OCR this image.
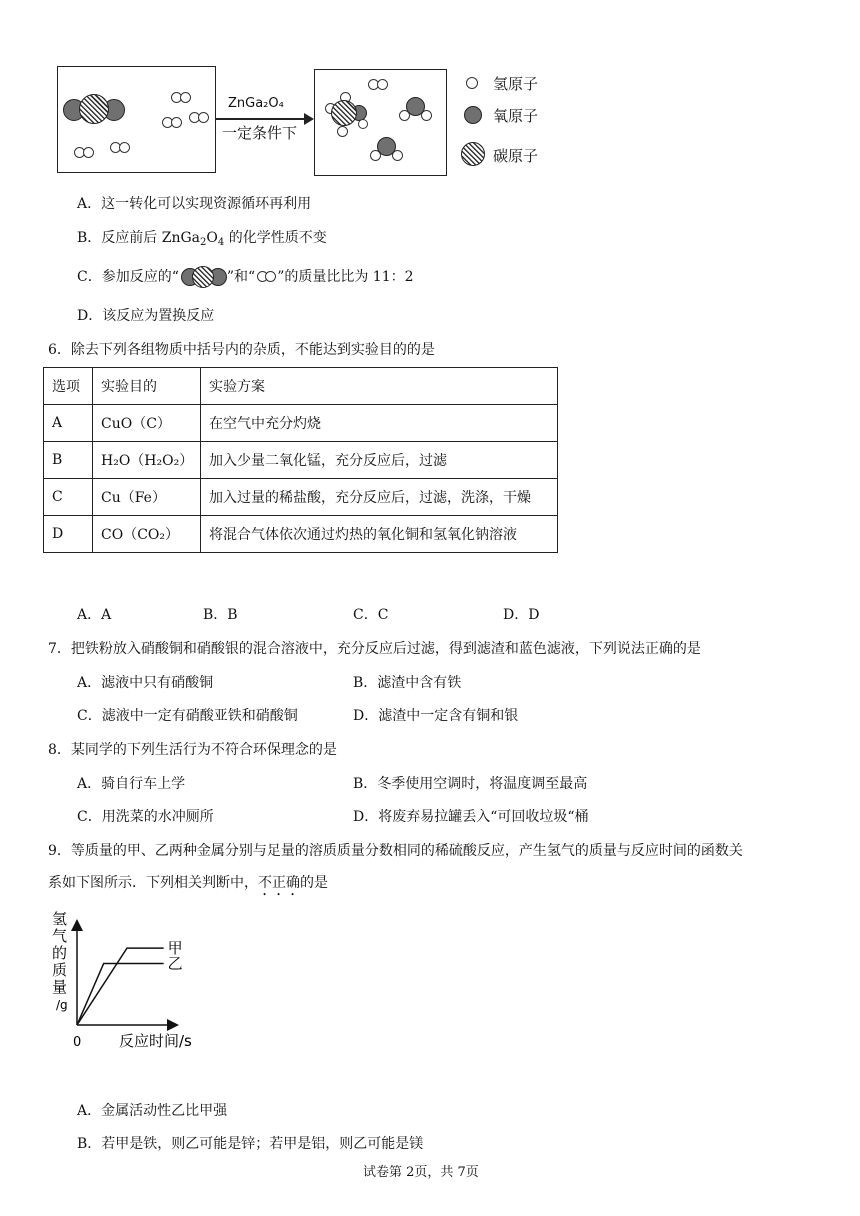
ZnGa₂O₄
一定条件下
氢原子
氧原子
碳原子
A．这一转化可以实现资源循环再利用
B．反应前后 $ZnGa_2O_4$ 的化学性质不变
C．参加反应的“	”和“ ”的质量比比为 11：2
D．该反应为置换反应
6．除去下列各组物质中括号内的杂质，不能达到实验目的的是
选项	实验目的	实验方案
A	CuO（C）	在空气中充分灼烧
B	H₂O（H₂O₂）	加入少量二氧化锰，充分反应后，过滤
C	Cu（Fe）	加入过量的稀盐酸，充分反应后，过滤，洗涤，干燥
D	CO（CO₂）	将混合气体依次通过灼热的氧化铜和氢氧化钠溶液
A．A	B．B	C．C	D．D
7．把铁粉放入硝酸铜和硝酸银的混合溶液中，充分反应后过滤，得到滤渣和蓝色滤液，下列说法正确的是
A．滤液中只有硝酸铜	B．滤渣中含有铁
C．滤液中一定有硝酸亚铁和硝酸铜	D．滤渣中一定含有铜和银
8．某同学的下列生活行为不符合环保理念的是
A．骑自行车上学	B．冬季使用空调时，将温度调至最高
C．用洗菜的水冲厕所	D．将废弃易拉罐丢入“可回收垃圾“桶
9．等质量的甲、乙两种金属分别与足量的溶质质量分数相同的稀硫酸反应，产生氢气的质量与反应时间的函数关
系如下图所示．下列相关判断中，不正确的是
甲
乙
氢气的质量/g
0	反应时间/s
A．金属活动性乙比甲强
B．若甲是铁，则乙可能是锌；若甲是铝，则乙可能是镁
试卷第 2页，共 7页
